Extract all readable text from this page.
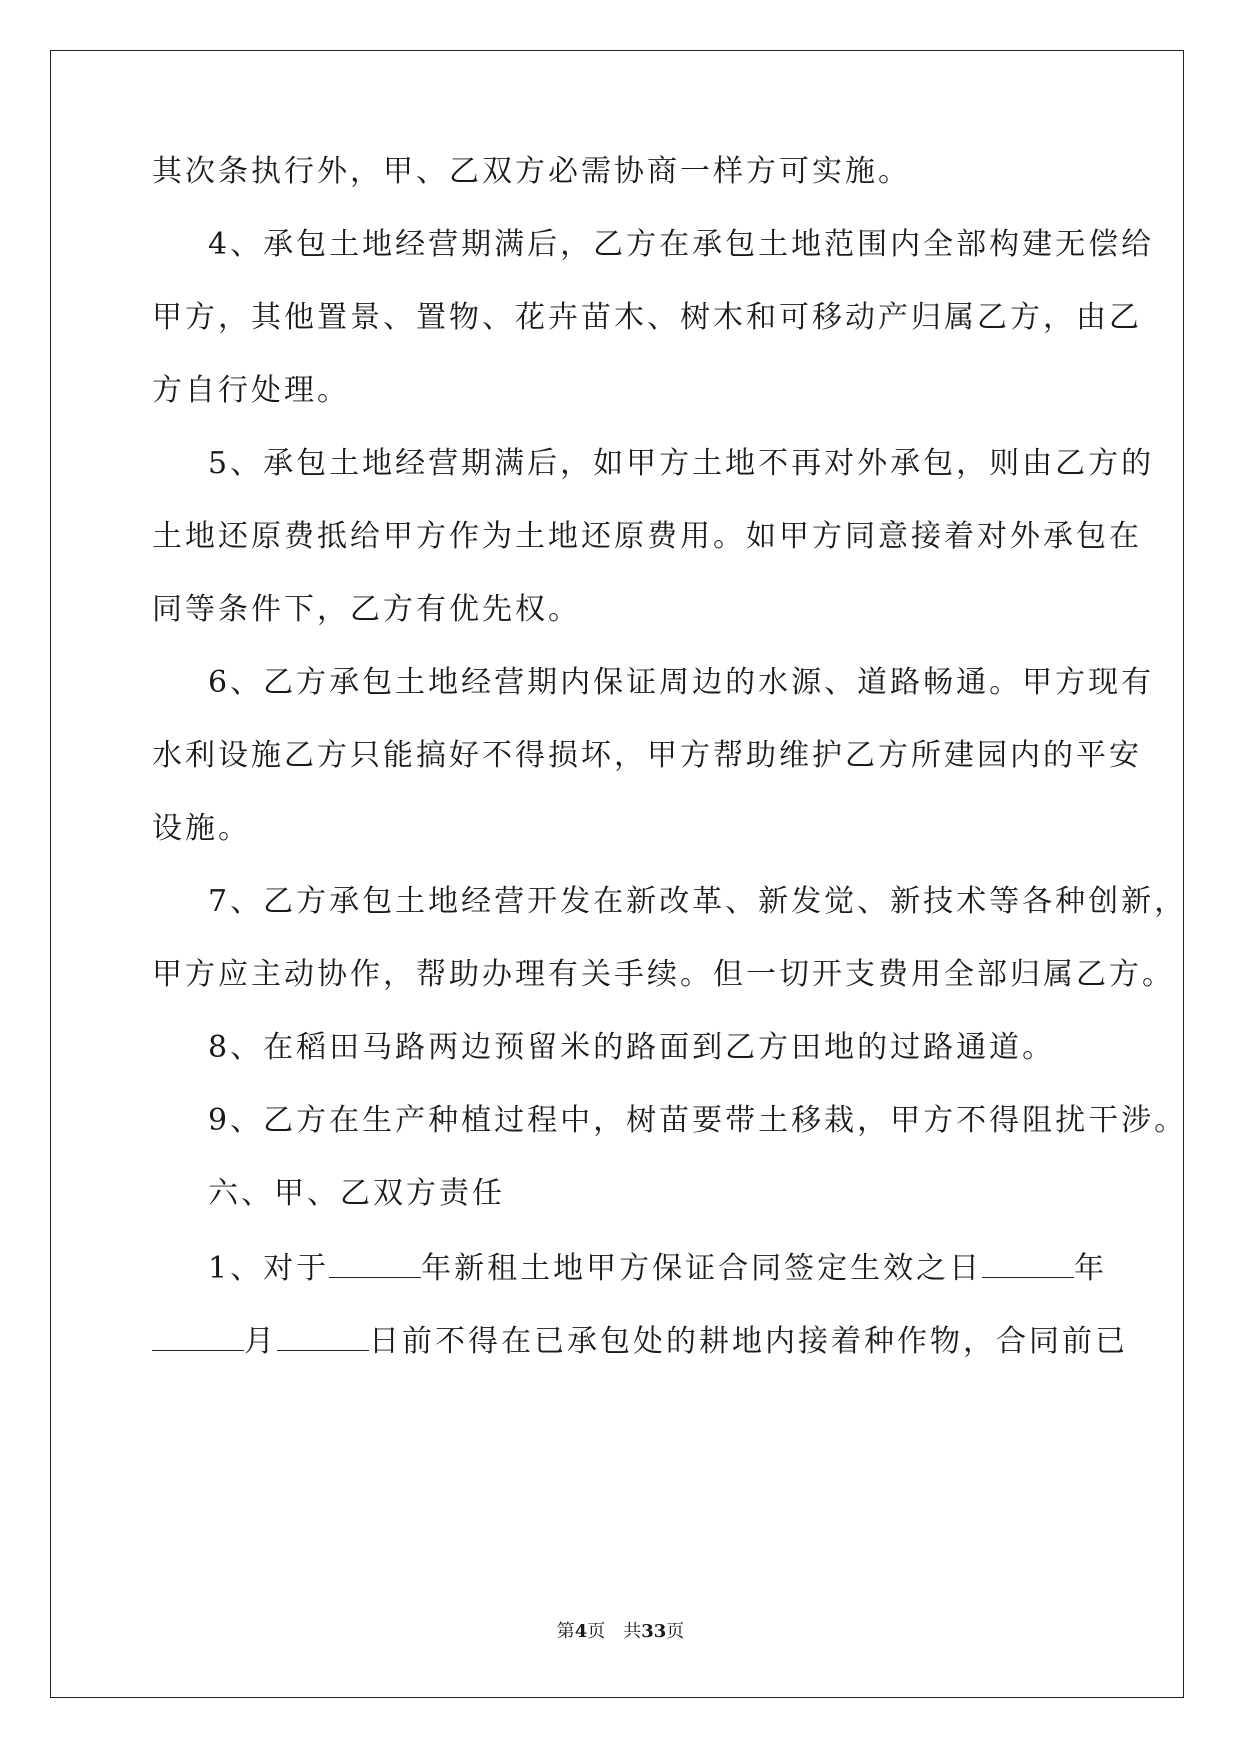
其次条执行外，甲、乙双方必需协商一样方可实施。
4、承包土地经营期满后，乙方在承包土地范围内全部构建无偿给
甲方，其他置景、置物、花卉苗木、树木和可移动产归属乙方，由乙
方自行处理。
5、承包土地经营期满后，如甲方土地不再对外承包，则由乙方的
土地还原费抵给甲方作为土地还原费用。如甲方同意接着对外承包在
同等条件下，乙方有优先权。
6、乙方承包土地经营期内保证周边的水源、道路畅通。甲方现有
水利设施乙方只能搞好不得损坏，甲方帮助维护乙方所建园内的平安
设施。
7、乙方承包土地经营开发在新改革、新发觉、新技术等各种创新，
甲方应主动协作，帮助办理有关手续。但一切开支费用全部归属乙方。
8、在稻田马路两边预留米的路面到乙方田地的过路通道。
9、乙方在生产种植过程中，树苗要带土移栽，甲方不得阻扰干涉。
六、甲、乙双方责任
1、对于	年新租土地甲方保证合同签定生效之日	年
月	日前不得在已承包处的耕地内接着种作物，合同前已
第4页 共33页
